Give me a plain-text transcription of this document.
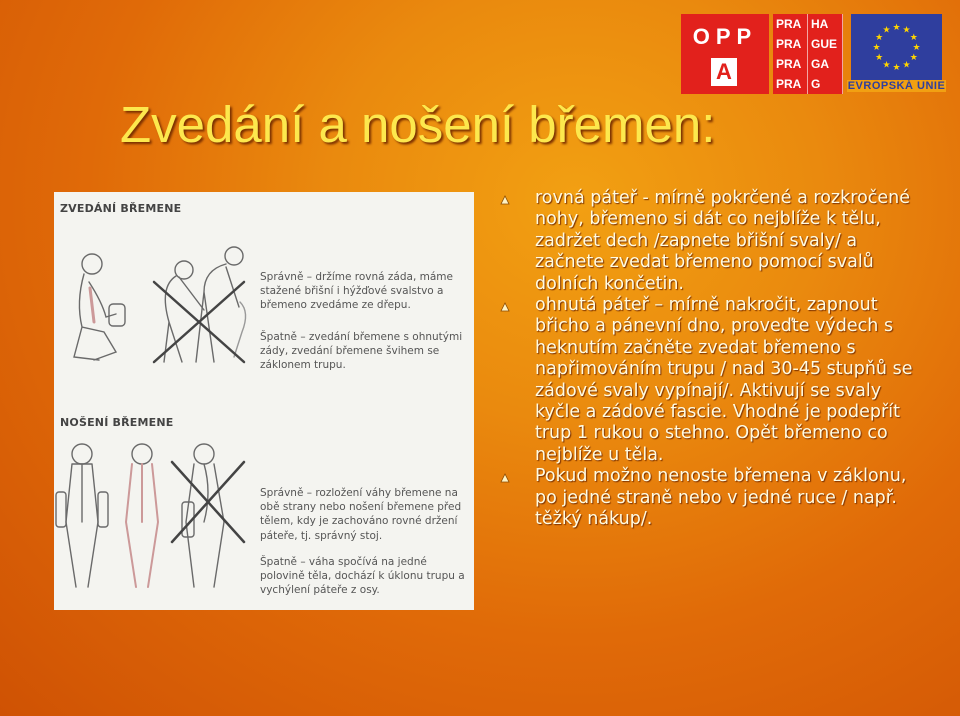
OPP
A
PRA HA
PRA GUE
PRA GA
PRA G
★ ★
★
★
★
★
★
★
★
★
★
★
EVROPSKÁ UNIE
Zvedání a nošení břemen:
ZVEDÁNÍ BŘEMENE
Správně – držíme rovná záda, máme stažené břišní i hýžďové svalstvo a břemeno zvedáme ze dřepu.
Špatně – zvedání břemene s ohnutými zády, zvedání břemene švihem se záklonem trupu.
NOŠENÍ BŘEMENE
Správně – rozložení váhy břemene na obě strany nebo nošení břemene před tělem, kdy je zachováno rovné držení páteře, tj. správný stoj.
Špatně – váha spočívá na jedné polovině těla, dochází k úklonu trupu a vychýlení páteře z osy.
rovná páteř - mírně pokrčené a rozkročené nohy, břemeno si dát co nejblíže k tělu, zadržet dech /zapnete břišní svaly/ a začnete zvedat břemeno pomocí svalů dolních končetin.
ohnutá páteř – mírně nakročit, zapnout břicho a pánevní dno, proveďte výdech s heknutím začněte zvedat břemeno s napřimováním trupu / nad 30-45 stupňů se zádové svaly vypínají/. Aktivují se svaly kyčle a zádové fascie. Vhodné je podepřít trup 1 rukou o stehno. Opět břemeno co nejblíže u těla.
Pokud možno nenoste břemena v záklonu, po jedné straně nebo v jedné ruce / např. těžký nákup/.
